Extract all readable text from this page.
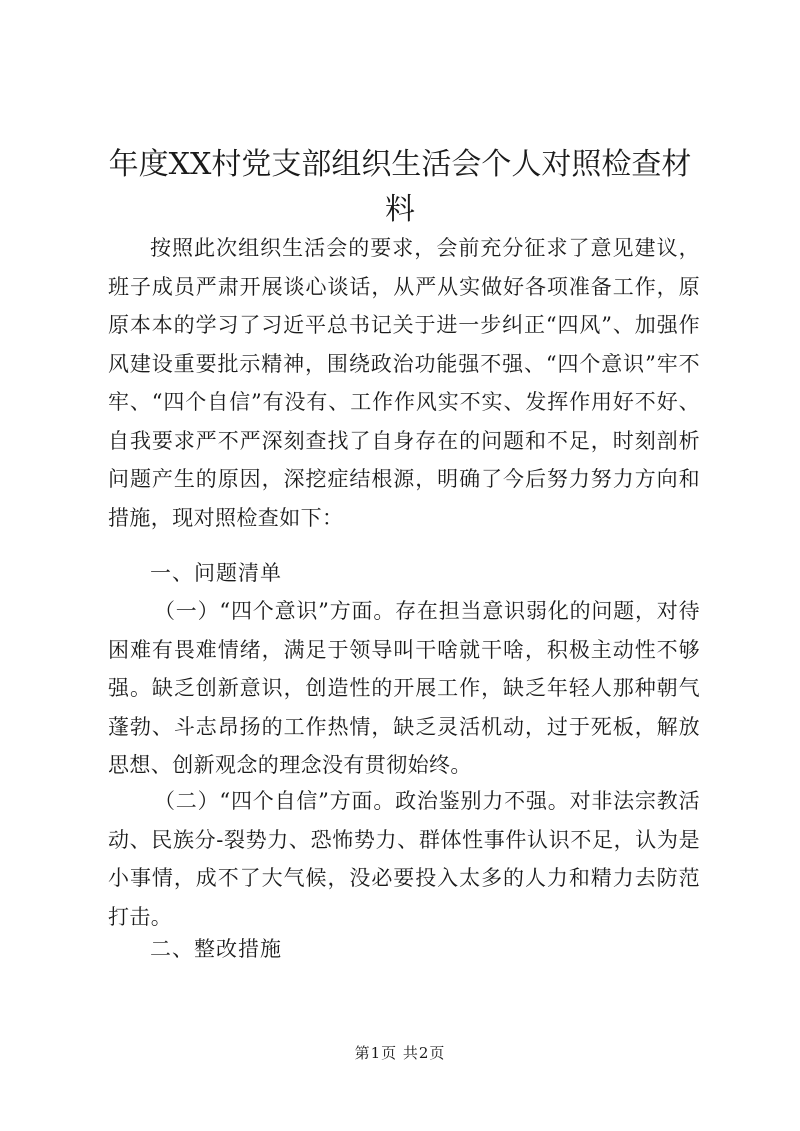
年度XX村党支部组织生活会个人对照检查材料

按照此次组织生活会的要求，会前充分征求了意见建议，班子成员严肃开展谈心谈话，从严从实做好各项准备工作，原原本本的学习了习近平总书记关于进一步纠正“四风”、加强作风建设重要批示精神，围绕政治功能强不强、“四个意识”牢不牢、“四个自信”有没有、工作作风实不实、发挥作用好不好、自我要求严不严深刻查找了自身存在的问题和不足，时刻剖析问题产生的原因，深挖症结根源，明确了今后努力努力方向和措施，现对照检查如下：

一、问题清单

（一）“四个意识”方面。存在担当意识弱化的问题，对待困难有畏难情绪，满足于领导叫干啥就干啥，积极主动性不够强。缺乏创新意识，创造性的开展工作，缺乏年轻人那种朝气蓬勃、斗志昂扬的工作热情，缺乏灵活机动，过于死板，解放思想、创新观念的理念没有贯彻始终。

（二）“四个自信”方面。政治鉴别力不强。对非法宗教活动、民族分-裂势力、恐怖势力、群体性事件认识不足，认为是小事情，成不了大气候，没必要投入太多的人力和精力去防范打击。

二、整改措施

第1页 共2页
